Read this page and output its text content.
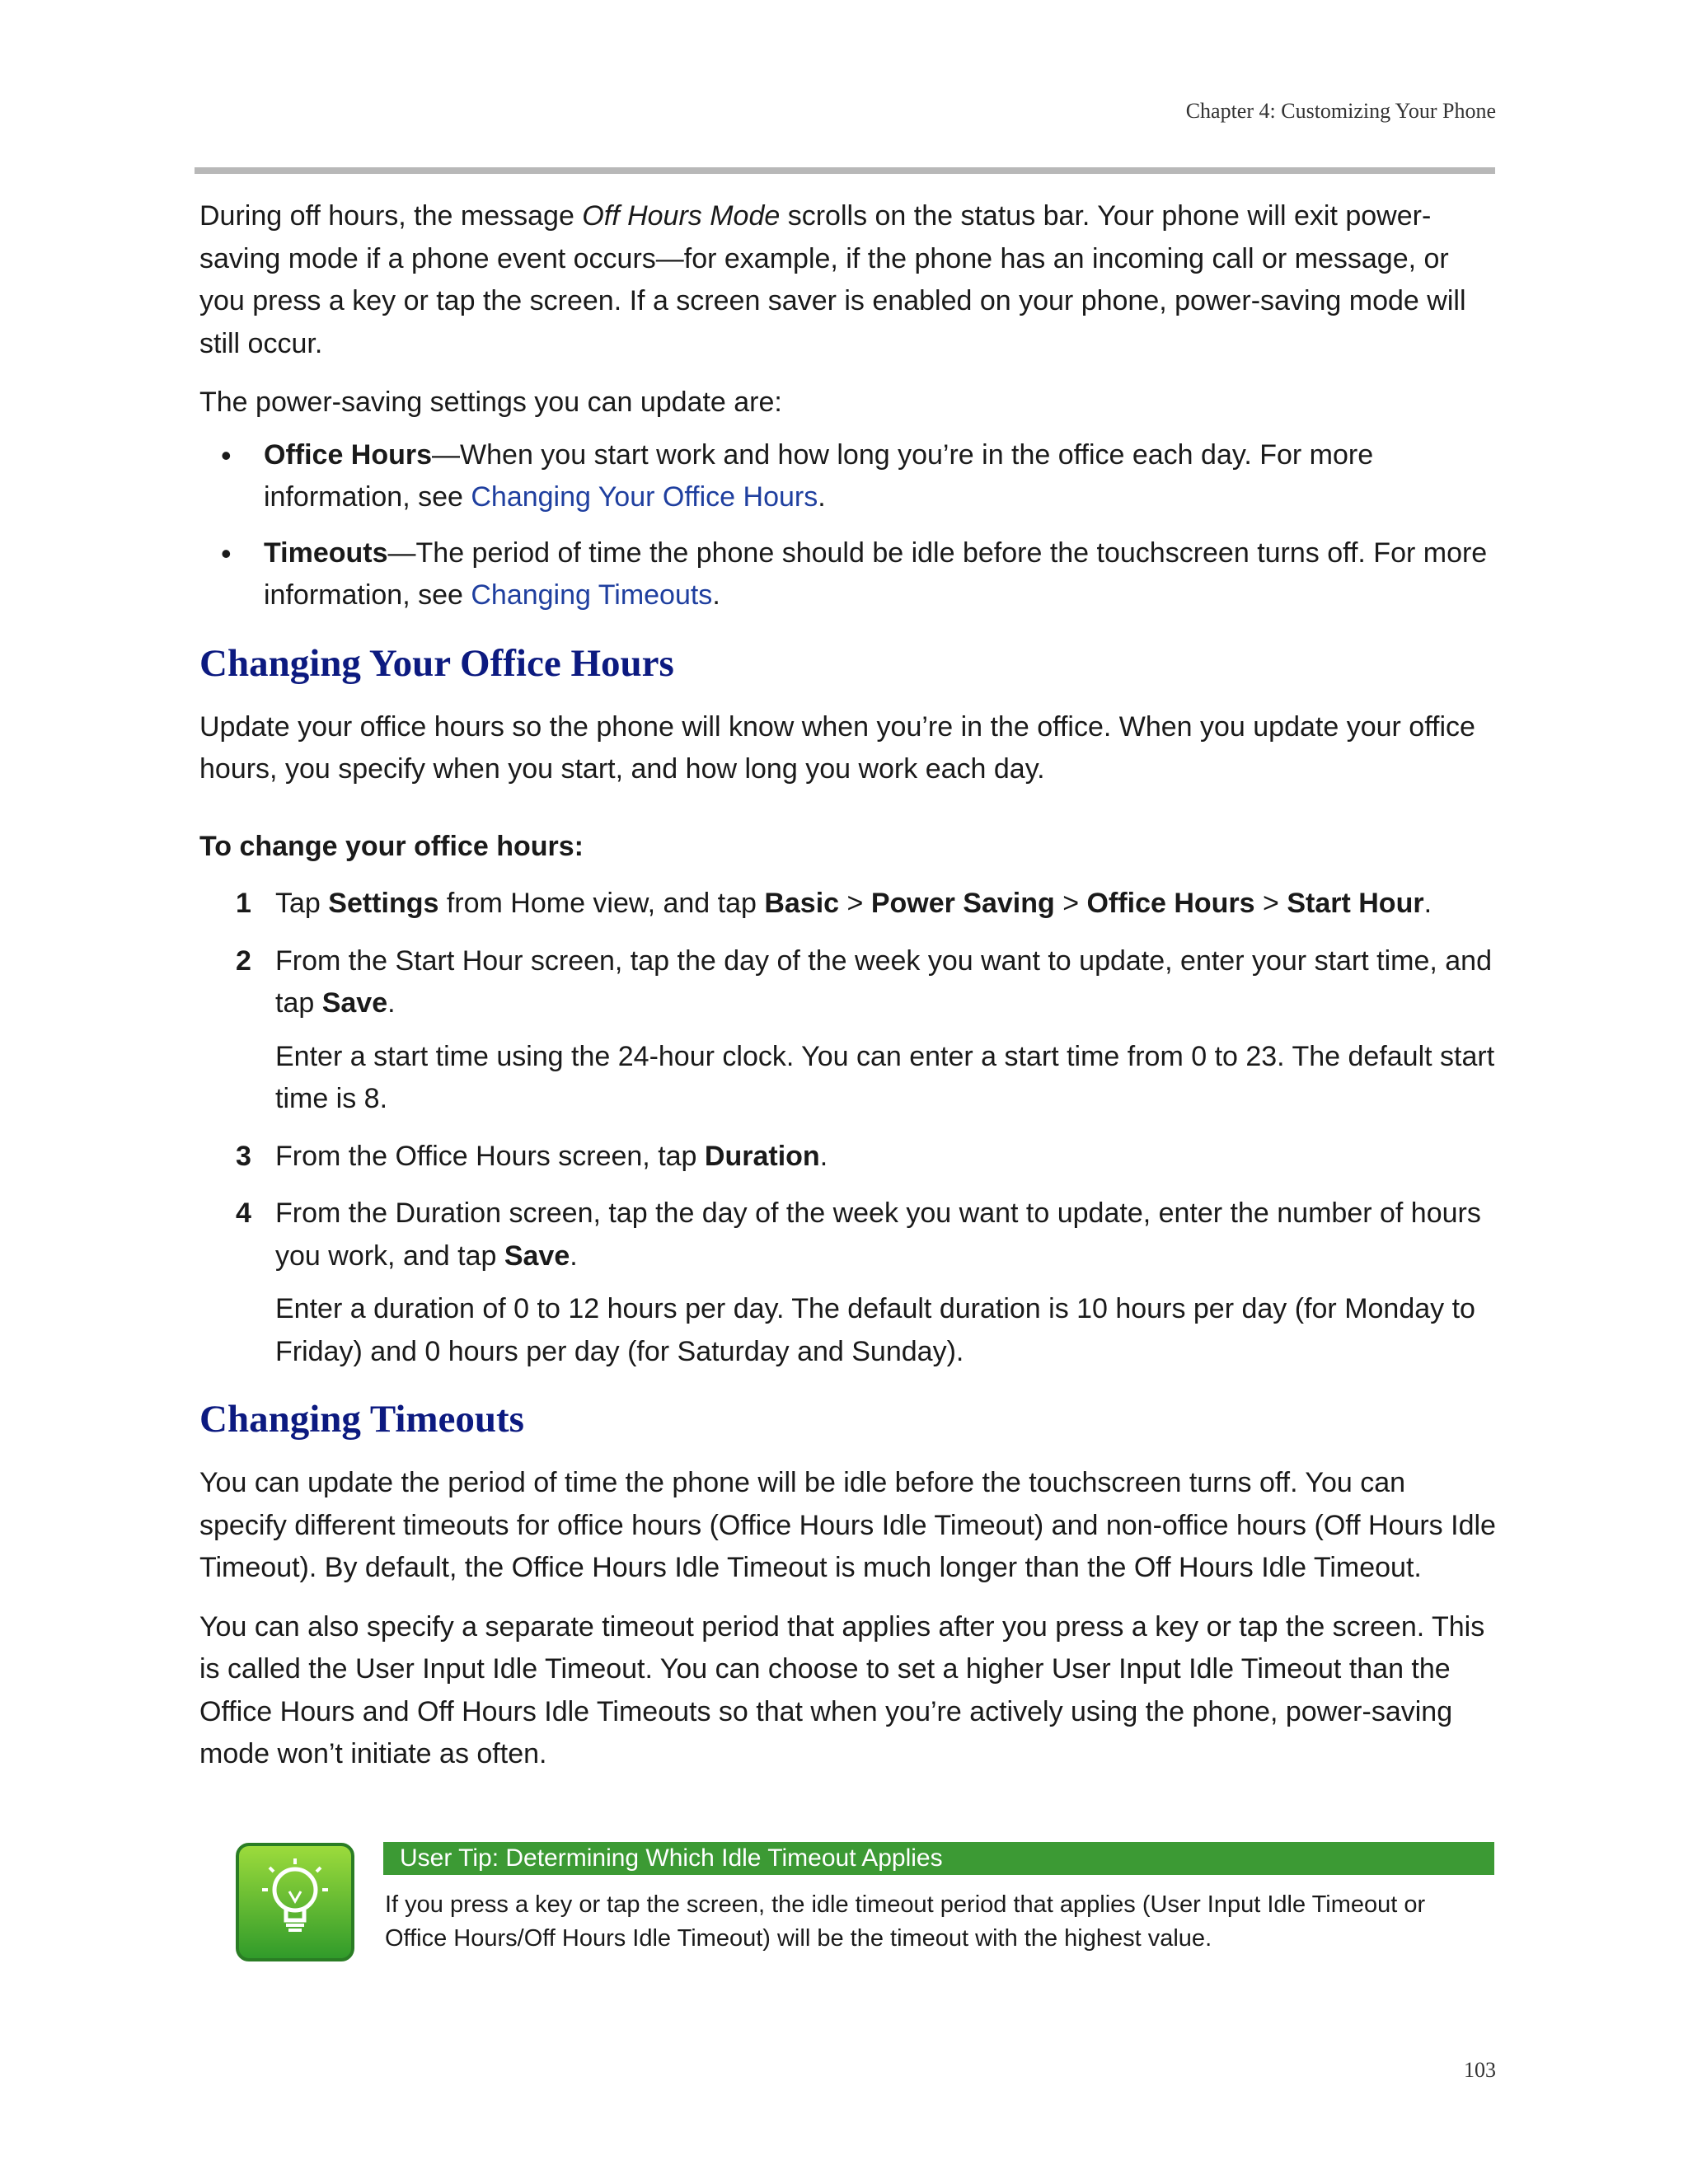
Chapter 4: Customizing Your Phone

During off hours, the message Off Hours Mode scrolls on the status bar. Your phone will exit power-saving mode if a phone event occurs—for example, if the phone has an incoming call or message, or you press a key or tap the screen. If a screen saver is enabled on your phone, power-saving mode will still occur.

The power-saving settings you can update are:

• Office Hours—When you start work and how long you’re in the office each day. For more information, see Changing Your Office Hours.
• Timeouts—The period of time the phone should be idle before the touchscreen turns off. For more information, see Changing Timeouts.
Changing Your Office Hours

Update your office hours so the phone will know when you’re in the office. When you update your office hours, you specify when you start, and how long you work each day.

To change your office hours:

1 Tap Settings from Home view, and tap Basic > Power Saving > Office Hours > Start Hour.
2 From the Start Hour screen, tap the day of the week you want to update, enter your start time, and tap Save.

Enter a start time using the 24-hour clock. You can enter a start time from 0 to 23. The default start time is 8.

3 From the Office Hours screen, tap Duration.
4 From the Duration screen, tap the day of the week you want to update, enter the number of hours you work, and tap Save.

Enter a duration of 0 to 12 hours per day. The default duration is 10 hours per day (for Monday to Friday) and 0 hours per day (for Saturday and Sunday).

Changing Timeouts

You can update the period of time the phone will be idle before the touchscreen turns off. You can specify different timeouts for office hours (Office Hours Idle Timeout) and non-office hours (Off Hours Idle Timeout). By default, the Office Hours Idle Timeout is much longer than the Off Hours Idle Timeout.

You can also specify a separate timeout period that applies after you press a key or tap the screen. This is called the User Input Idle Timeout. You can choose to set a higher User Input Idle Timeout than the Office Hours and Off Hours Idle Timeouts so that when you’re actively using the phone, power-saving mode won’t initiate as often.

User Tip: Determining Which Idle Timeout Applies
If you press a key or tap the screen, the idle timeout period that applies (User Input Idle Timeout or Office Hours/Off Hours Idle Timeout) will be the timeout with the highest value.
103
